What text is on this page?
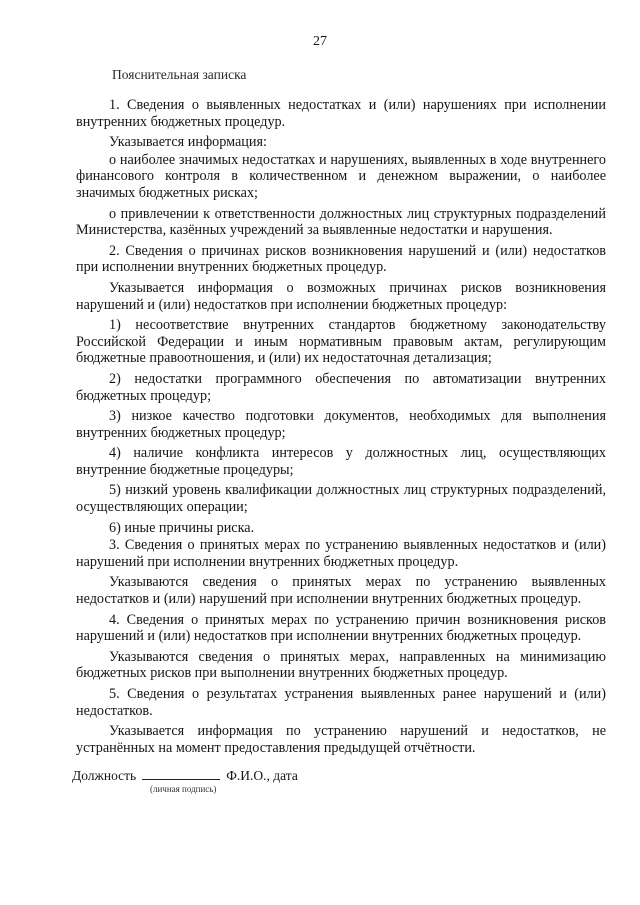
27
Пояснительная записка

1. Сведения о выявленных недостатках и (или) нарушениях при исполнении внутренних бюджетных процедур.

Указывается информация:

о наиболее значимых недостатках и нарушениях, выявленных в ходе внутреннего финансового контроля в количественном и денежном выражении, о наиболее значимых бюджетных рисках;

о привлечении к ответственности должностных лиц структурных подразделений Министерства, казённых учреждений за выявленные недостатки и нарушения.

2. Сведения о причинах рисков возникновения нарушений и (или) недостатков при исполнении внутренних бюджетных процедур.

Указывается информация о возможных причинах рисков возникновения нарушений и (или) недостатков при исполнении бюджетных процедур:

1) несоответствие внутренних стандартов бюджетному законодательству Российской Федерации и иным нормативным правовым актам, регулирующим бюджетные правоотношения, и (или) их недостаточная детализация;

2) недостатки программного обеспечения по автоматизации внутренних бюджетных процедур;

3) низкое качество подготовки документов, необходимых для выполнения внутренних бюджетных процедур;

4) наличие конфликта интересов у должностных лиц, осуществляющих внутренние бюджетные процедуры;

5) низкий уровень квалификации должностных лиц структурных подразделений, осуществляющих операции;

6) иные причины риска.

3. Сведения о принятых мерах по устранению выявленных недостатков и (или) нарушений при исполнении внутренних бюджетных процедур.

Указываются сведения о принятых мерах по устранению выявленных недостатков и (или) нарушений при исполнении внутренних бюджетных процедур.

4. Сведения о принятых мерах по устранению причин возникновения рисков нарушений и (или) недостатков при исполнении внутренних бюджетных процедур.

Указываются сведения о принятых мерах, направленных на минимизацию бюджетных рисков при выполнении внутренних бюджетных процедур.

5. Сведения о результатах устранения выявленных ранее нарушений и (или) недостатков.

Указывается информация по устранению нарушений и недостатков, не устранённых на момент предоставления предыдущей отчётности.

Должность	Ф.И.О., дата
(личная подпись)
